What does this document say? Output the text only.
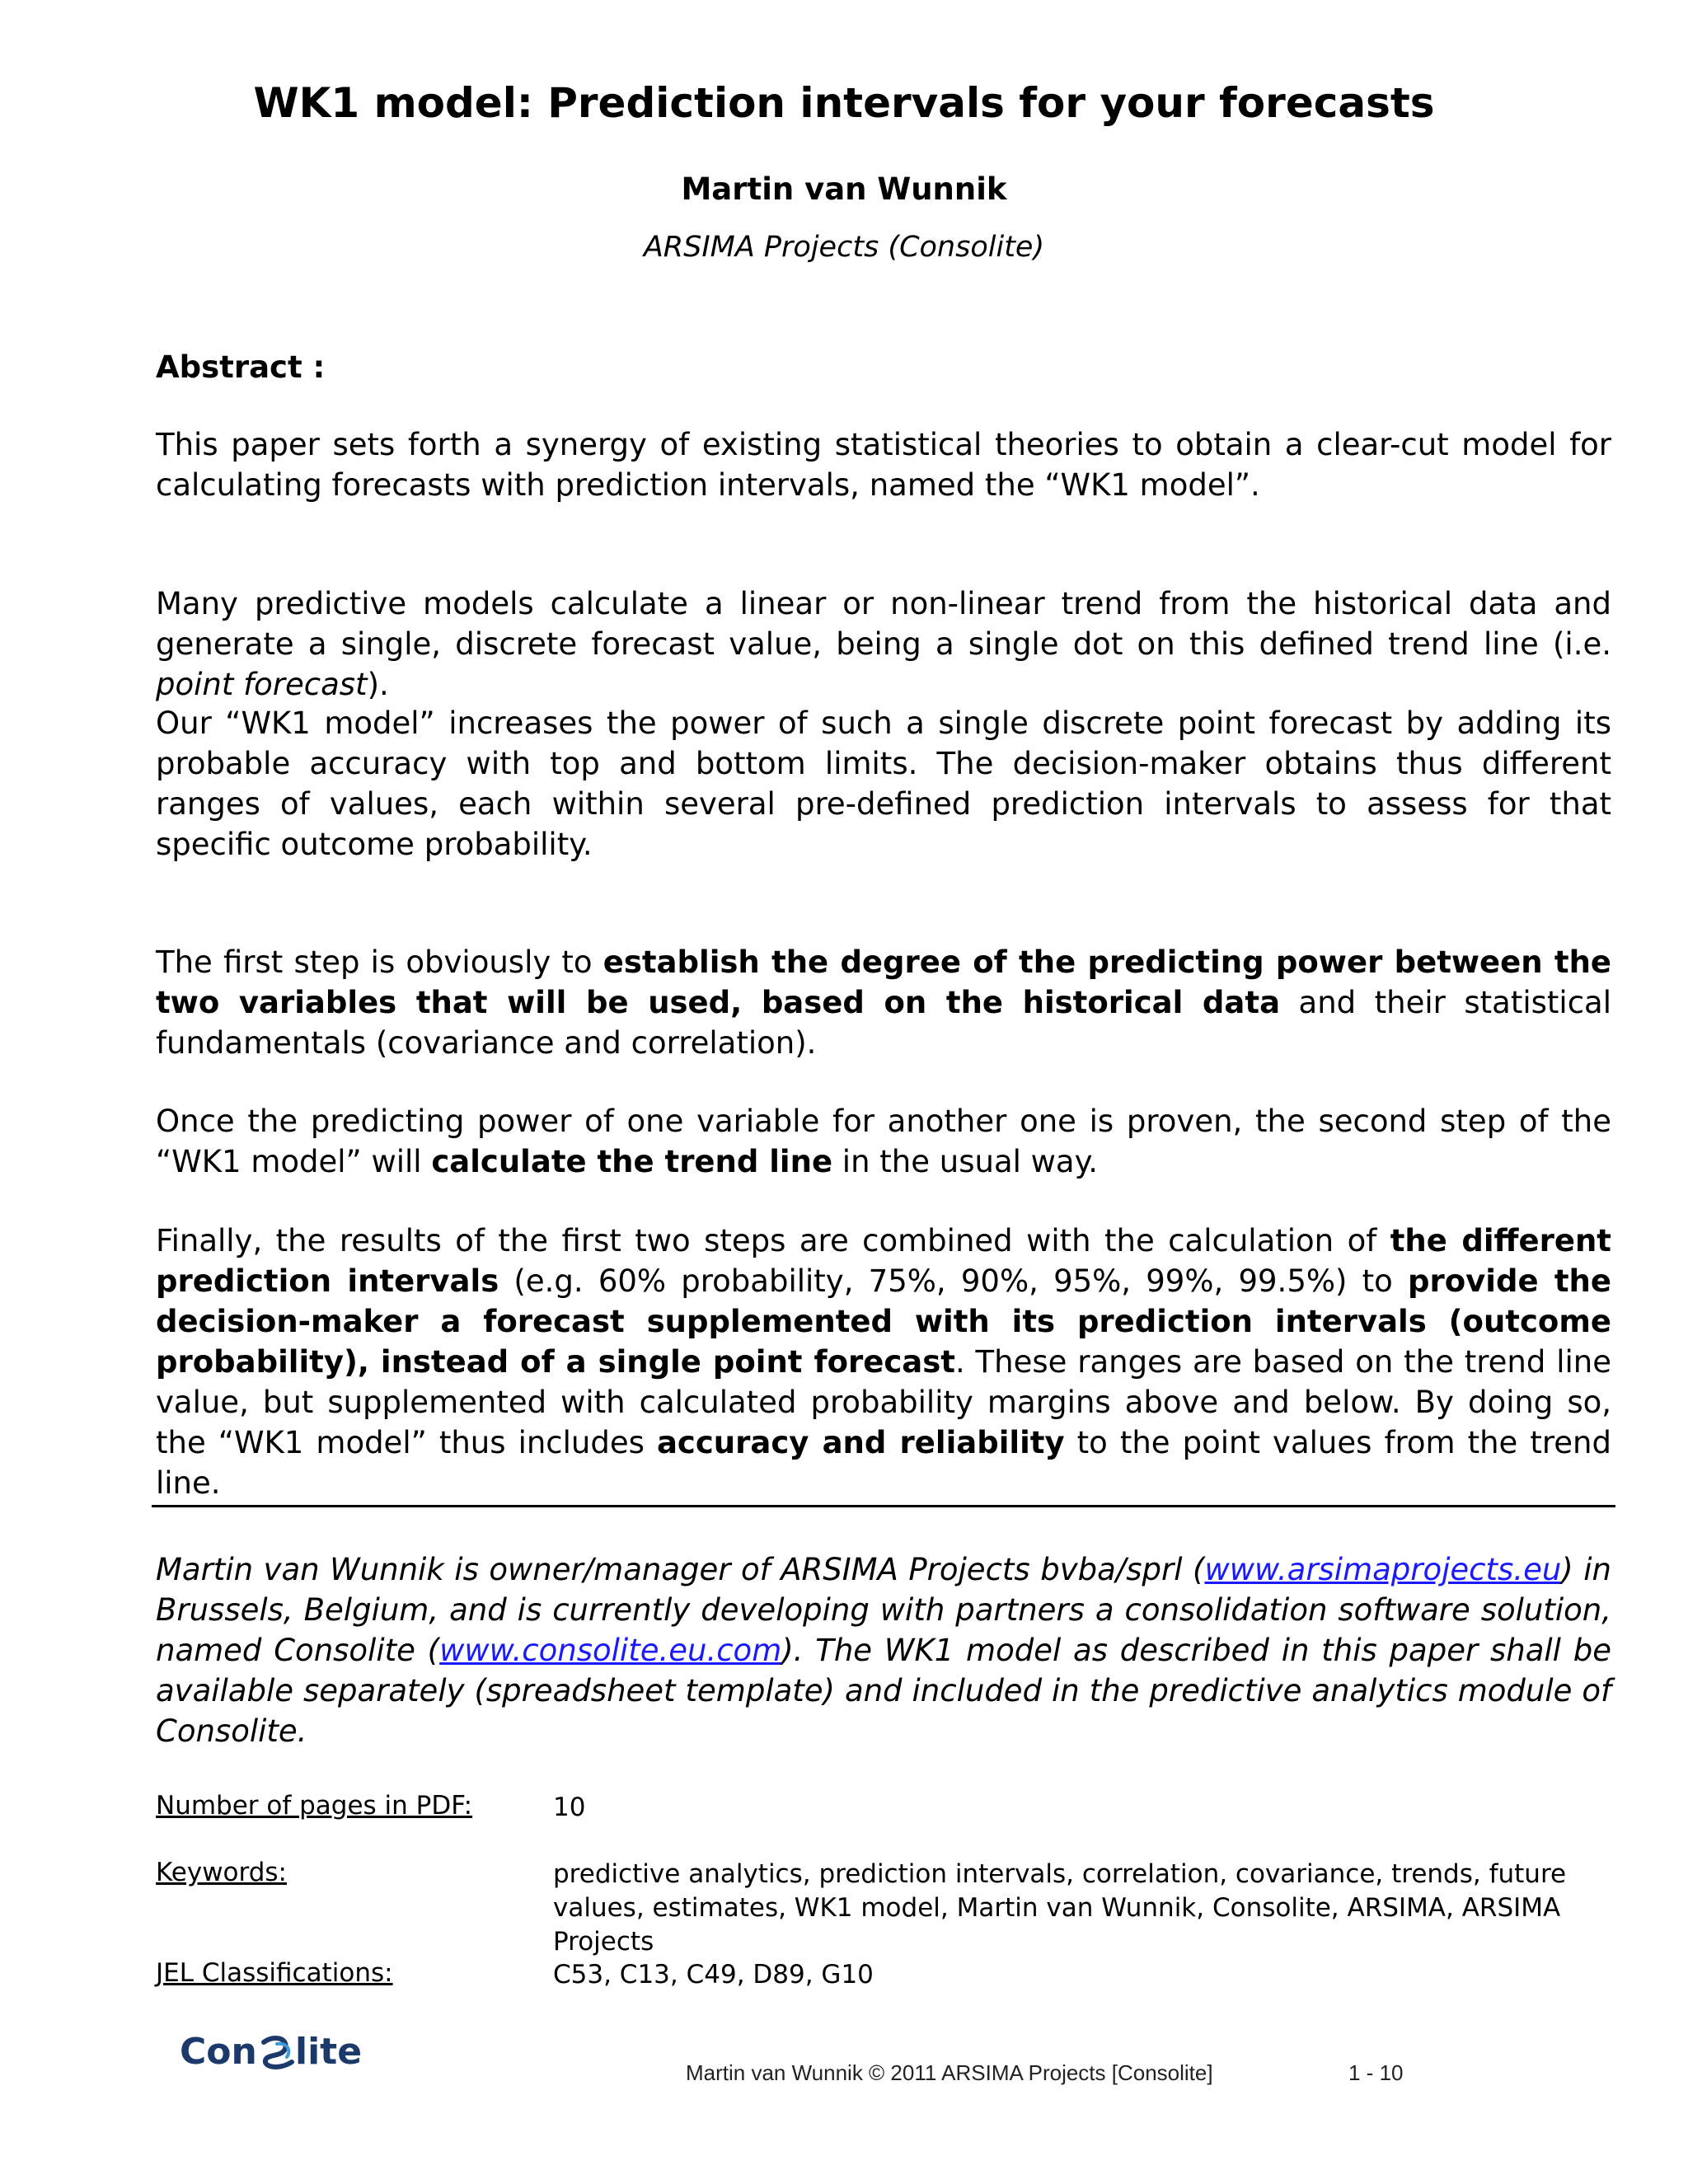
WK1 model: Prediction intervals for your forecasts
Martin van Wunnik
ARSIMA Projects (Consolite)
Abstract :

This paper sets forth a synergy of existing statistical theories to obtain a clear-cut model for calculating forecasts with prediction intervals, named the “WK1 model”.

Many predictive models calculate a linear or non-linear trend from the historical data and generate a single, discrete forecast value, being a single dot on this defined trend line (i.e. point forecast).

Our “WK1 model” increases the power of such a single discrete point forecast by adding its probable accuracy with top and bottom limits. The decision-maker obtains thus different ranges of values, each within several pre-defined prediction intervals to assess for that specific outcome probability.

The first step is obviously to establish the degree of the predicting power between the two variables that will be used, based on the historical data and their statistical fundamentals (covariance and correlation).

Once the predicting power of one variable for another one is proven, the second step of the “WK1 model” will calculate the trend line in the usual way.

Finally, the results of the first two steps are combined with the calculation of the different prediction intervals (e.g. 60% probability, 75%, 90%, 95%, 99%, 99.5%) to provide the decision-maker a forecast supplemented with its prediction intervals (outcome probability), instead of a single point forecast. These ranges are based on the trend line value, but supplemented with calculated probability margins above and below. By doing so, the “WK1 model” thus includes accuracy and reliability to the point values from the trend line.

Martin van Wunnik is owner/manager of ARSIMA Projects bvba/sprl (www.arsimaprojects.eu) in Brussels, Belgium, and is currently developing with partners a consolidation software solution, named Consolite (www.consolite.eu.com). The WK1 model as described in this paper shall be available separately (spreadsheet template) and included in the predictive analytics module of Consolite.

Number of pages in PDF:	10
Keywords:	predictive analytics, prediction intervals, correlation, covariance, trends, future values, estimates, WK1 model, Martin van Wunnik, Consolite, ARSIMA, ARSIMA Projects
JEL Classifications:	C53, C13, C49, D89, G10
Con lite	Martin van Wunnik © 2011 ARSIMA Projects [Consolite]	1 - 10
